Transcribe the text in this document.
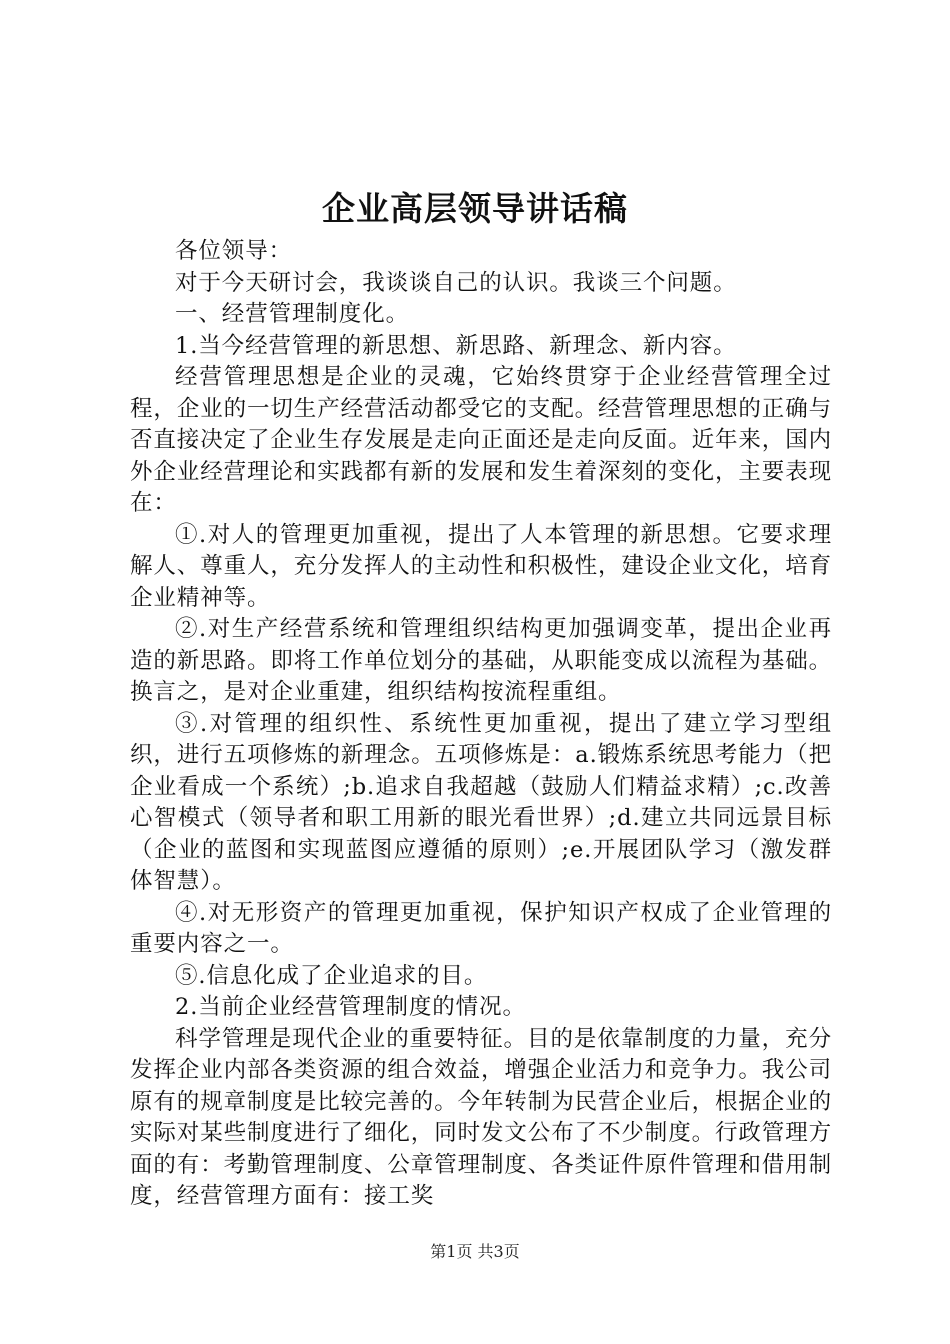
企业高层领导讲话稿

各位领导：

对于今天研讨会，我谈谈自己的认识。我谈三个问题。

一、经营管理制度化。

1.当今经营管理的新思想、新思路、新理念、新内容。

经营管理思想是企业的灵魂，它始终贯穿于企业经营管理全过程，企业的一切生产经营活动都受它的支配。经营管理思想的正确与否直接决定了企业生存发展是走向正面还是走向反面。近年来，国内外企业经营理论和实践都有新的发展和发生着深刻的变化，主要表现在：

①.对人的管理更加重视，提出了人本管理的新思想。它要求理解人、尊重人，充分发挥人的主动性和积极性，建设企业文化，培育企业精神等。

②.对生产经营系统和管理组织结构更加强调变革，提出企业再造的新思路。即将工作单位划分的基础，从职能变成以流程为基础。换言之，是对企业重建，组织结构按流程重组。

③.对管理的组织性、系统性更加重视，提出了建立学习型组织，进行五项修炼的新理念。五项修炼是：a.锻炼系统思考能力（把企业看成一个系统）;b.追求自我超越（鼓励人们精益求精）;c.改善心智模式（领导者和职工用新的眼光看世界）;d.建立共同远景目标（企业的蓝图和实现蓝图应遵循的原则）;e.开展团队学习（激发群体智慧）。

④.对无形资产的管理更加重视，保护知识产权成了企业管理的重要内容之一。

⑤.信息化成了企业追求的目。

2.当前企业经营管理制度的情况。

科学管理是现代企业的重要特征。目的是依靠制度的力量，充分发挥企业内部各类资源的组合效益，增强企业活力和竞争力。我公司原有的规章制度是比较完善的。今年转制为民营企业后，根据企业的实际对某些制度进行了细化，同时发文公布了不少制度。行政管理方面的有：考勤管理制度、公章管理制度、各类证件原件管理和借用制度，经营管理方面有：接工奖

第1页 共3页
